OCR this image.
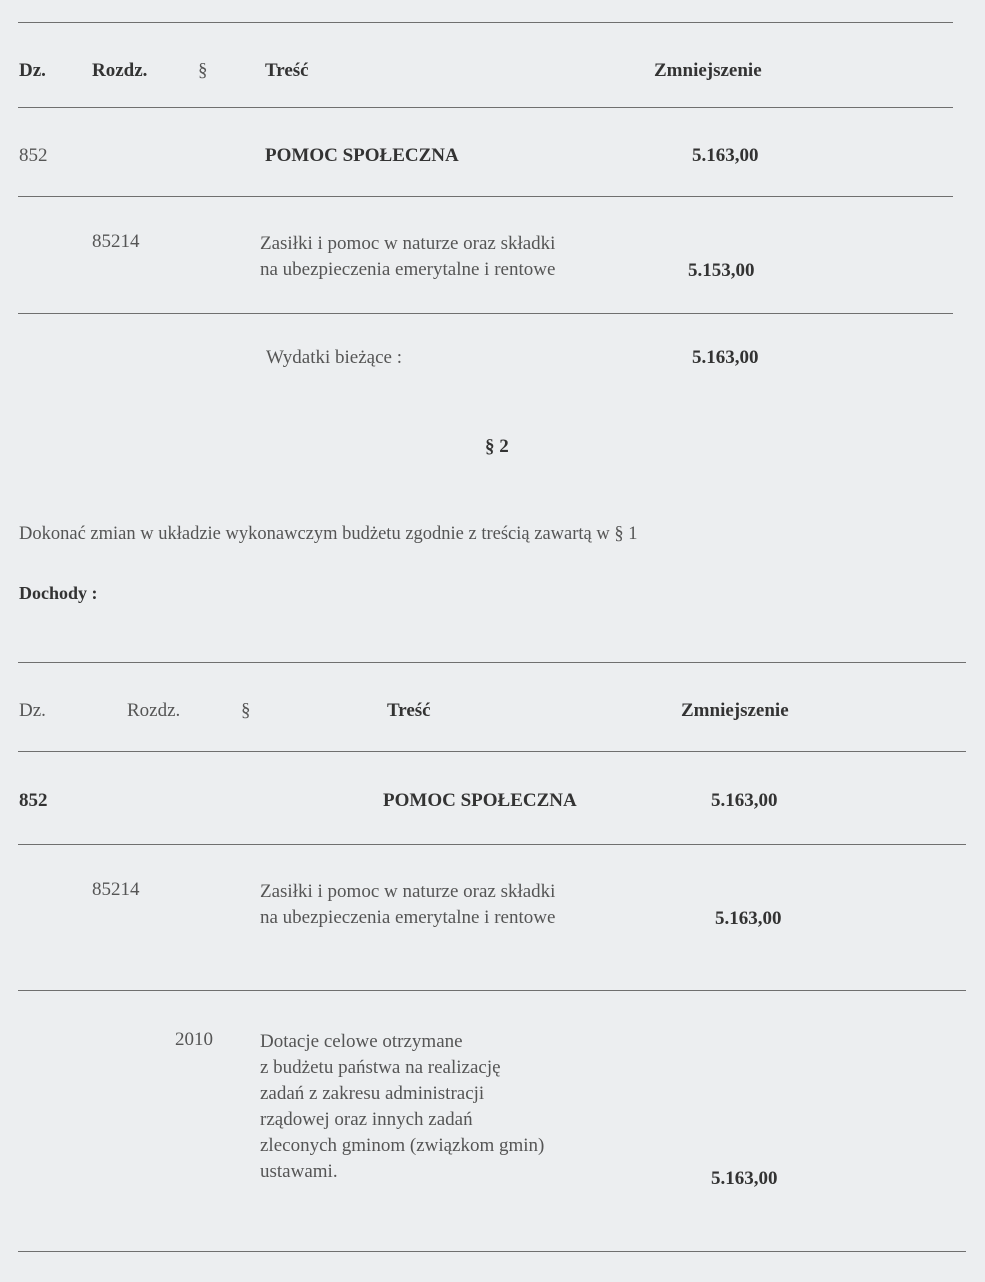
Dz. Rozdz.	§	Treść	Zmniejszenie
852	POMOC SPOŁECZNA	5.163,00
85214	Zasiłki i pomoc w naturze oraz składki
na ubezpieczenia emerytalne i rentowe	5.153,00
Wydatki bieżące :	5.163,00
§ 2
Dokonać zmian w układzie wykonawczym budżetu zgodnie z treścią zawartą w § 1
Dochody :
Dz.	Rozdz.	§	Treść	Zmniejszenie
852	POMOC SPOŁECZNA	5.163,00
85214	Zasiłki i pomoc w naturze oraz składki
na ubezpieczenia emerytalne i rentowe	5.163,00
2010 Dotacje celowe otrzymane
z budżetu państwa na realizację
zadań z zakresu administracji
rządowej oraz innych zadań
zleconych gminom (związkom gmin)
ustawami.	5.163,00
